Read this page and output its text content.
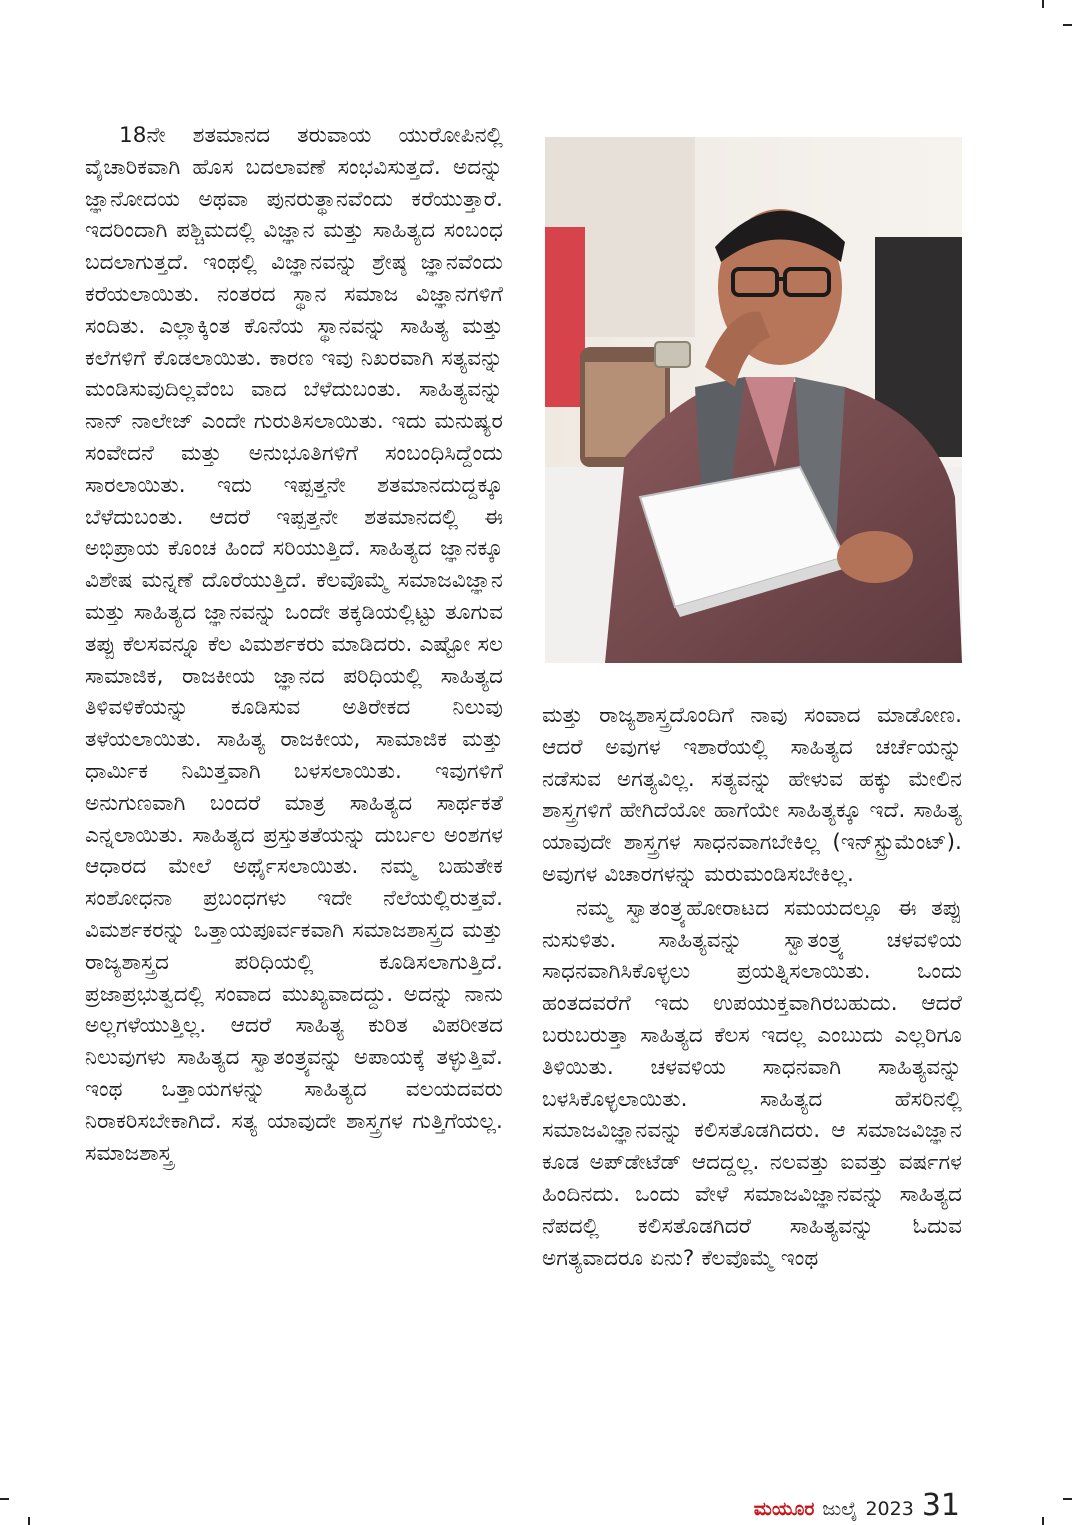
18ನೇ ಶತಮಾನದ ತರುವಾಯ ಯುರೋಪಿನಲ್ಲಿ ವೈಚಾರಿಕವಾಗಿ ಹೊಸ ಬದಲಾವಣೆ ಸಂಭವಿಸುತ್ತದೆ. ಅದನ್ನು ಜ್ಞಾನೋದಯ ಅಥವಾ ಪುನರುತ್ಥಾನವೆಂದು ಕರೆಯುತ್ತಾರೆ. ಇದರಿಂದಾಗಿ ಪಶ್ಚಿಮದಲ್ಲಿ ವಿಜ್ಞಾನ ಮತ್ತು ಸಾಹಿತ್ಯದ ಸಂಬಂಧ ಬದಲಾಗುತ್ತದೆ. ಇಂಥಲ್ಲಿ ವಿಜ್ಞಾನವನ್ನು ಶ್ರೇಷ್ಠ ಜ್ಞಾನವೆಂದು ಕರೆಯಲಾಯಿತು. ನಂತರದ ಸ್ಥಾನ ಸಮಾಜ ವಿಜ್ಞಾನಗಳಿಗೆ ಸಂದಿತು. ಎಲ್ಲಾಕ್ಕಿಂತ ಕೊನೆಯ ಸ್ಥಾನವನ್ನು ಸಾಹಿತ್ಯ ಮತ್ತು ಕಲೆಗಳಿಗೆ ಕೊಡಲಾಯಿತು. ಕಾರಣ ಇವು ನಿಖರವಾಗಿ ಸತ್ಯವನ್ನು ಮಂಡಿಸುವುದಿಲ್ಲವೆಂಬ ವಾದ ಬೆಳೆದುಬಂತು. ಸಾಹಿತ್ಯವನ್ನು ನಾನ್ ನಾಲೇಜ್ ಎಂದೇ ಗುರುತಿಸಲಾಯಿತು. ಇದು ಮನುಷ್ಯರ ಸಂವೇದನೆ ಮತ್ತು ಅನುಭೂತಿಗಳಿಗೆ ಸಂಬಂಧಿಸಿದ್ದೆಂದು ಸಾರಲಾಯಿತು. ಇದು ಇಪ್ಪತ್ತನೇ ಶತಮಾನದುದ್ದಕ್ಕೂ ಬೆಳೆದುಬಂತು. ಆದರೆ ಇಪ್ಪತ್ತನೇ ಶತಮಾನದಲ್ಲಿ ಈ ಅಭಿಪ್ರಾಯ ಕೊಂಚ ಹಿಂದೆ ಸರಿಯುತ್ತಿದೆ. ಸಾಹಿತ್ಯದ ಜ್ಞಾನಕ್ಕೂ ವಿಶೇಷ ಮನ್ನಣೆ ದೊರೆಯುತ್ತಿದೆ. ಕೆಲವೊಮ್ಮೆ ಸಮಾಜವಿಜ್ಞಾನ ಮತ್ತು ಸಾಹಿತ್ಯದ ಜ್ಞಾನವನ್ನು ಒಂದೇ ತಕ್ಕಡಿಯಲ್ಲಿಟ್ಟು ತೂಗುವ ತಪ್ಪು ಕೆಲಸವನ್ನೂ ಕೆಲ ವಿಮರ್ಶಕರು ಮಾಡಿದರು. ಎಷ್ಟೋ ಸಲ ಸಾಮಾಜಿಕ, ರಾಜಕೀಯ ಜ್ಞಾನದ ಪರಿಧಿಯಲ್ಲಿ ಸಾಹಿತ್ಯದ ತಿಳಿವಳಿಕೆಯನ್ನು ಕೂಡಿಸುವ ಅತಿರೇಕದ ನಿಲುವು ತಳೆಯಲಾಯಿತು. ಸಾಹಿತ್ಯ ರಾಜಕೀಯ, ಸಾಮಾಜಿಕ ಮತ್ತು ಧಾರ್ಮಿಕ ನಿಮಿತ್ತವಾಗಿ ಬಳಸಲಾಯಿತು. ಇವುಗಳಿಗೆ ಅನುಗುಣವಾಗಿ ಬಂದರೆ ಮಾತ್ರ ಸಾಹಿತ್ಯದ ಸಾರ್ಥಕತೆ ಎನ್ನಲಾಯಿತು. ಸಾಹಿತ್ಯದ ಪ್ರಸ್ತುತತೆಯನ್ನು ದುರ್ಬಲ ಅಂಶಗಳ ಆಧಾರದ ಮೇಲೆ ಅರ್ಥೈಸಲಾಯಿತು. ನಮ್ಮ ಬಹುತೇಕ ಸಂಶೋಧನಾ ಪ್ರಬಂಧಗಳು ಇದೇ ನೆಲೆಯಲ್ಲಿರುತ್ತವೆ. ವಿಮರ್ಶಕರನ್ನು ಒತ್ತಾಯಪೂರ್ವಕವಾಗಿ ಸಮಾಜಶಾಸ್ತ್ರದ ಮತ್ತು ರಾಜ್ಯಶಾಸ್ತ್ರದ ಪರಿಧಿಯಲ್ಲಿ ಕೂಡಿಸಲಾಗುತ್ತಿದೆ. ಪ್ರಜಾಪ್ರಭುತ್ವದಲ್ಲಿ ಸಂವಾದ ಮುಖ್ಯವಾದದ್ದು. ಅದನ್ನು ನಾನು ಅಲ್ಲಗಳೆಯುತ್ತಿಲ್ಲ. ಆದರೆ ಸಾಹಿತ್ಯ ಕುರಿತ ವಿಪರೀತದ ನಿಲುವುಗಳು ಸಾಹಿತ್ಯದ ಸ್ವಾತಂತ್ರ್ಯವನ್ನು ಅಪಾಯಕ್ಕೆ ತಳ್ಳುತ್ತಿವೆ. ಇಂಥ ಒತ್ತಾಯಗಳನ್ನು ಸಾಹಿತ್ಯದ ವಲಯದವರು ನಿರಾಕರಿಸಬೇಕಾಗಿದೆ. ಸತ್ಯ ಯಾವುದೇ ಶಾಸ್ತ್ರಗಳ ಗುತ್ತಿಗೆಯಲ್ಲ. ಸಮಾಜಶಾಸ್ತ್ರ

ಮತ್ತು ರಾಜ್ಯಶಾಸ್ತ್ರದೊಂದಿಗೆ ನಾವು ಸಂವಾದ ಮಾಡೋಣ. ಆದರೆ ಅವುಗಳ ಇಶಾರೆಯಲ್ಲಿ ಸಾಹಿತ್ಯದ ಚರ್ಚೆಯನ್ನು ನಡೆಸುವ ಅಗತ್ಯವಿಲ್ಲ. ಸತ್ಯವನ್ನು ಹೇಳುವ ಹಕ್ಕು ಮೇಲಿನ ಶಾಸ್ತ್ರಗಳಿಗೆ ಹೇಗಿದೆಯೋ ಹಾಗೆಯೇ ಸಾಹಿತ್ಯಕ್ಕೂ ಇದೆ. ಸಾಹಿತ್ಯ ಯಾವುದೇ ಶಾಸ್ತ್ರಗಳ ಸಾಧನವಾಗಬೇಕಿಲ್ಲ (ಇನ್‌ಸ್ಟ್ರುಮೆಂಟ್). ಅವುಗಳ ವಿಚಾರಗಳನ್ನು ಮರುಮಂಡಿಸಬೇಕಿಲ್ಲ.

ನಮ್ಮ ಸ್ವಾತಂತ್ರ್ಯಹೋರಾಟದ ಸಮಯದಲ್ಲೂ ಈ ತಪ್ಪು ನುಸುಳಿತು. ಸಾಹಿತ್ಯವನ್ನು ಸ್ವಾತಂತ್ರ್ಯ ಚಳವಳಿಯ ಸಾಧನವಾಗಿಸಿಕೊಳ್ಳಲು ಪ್ರಯತ್ನಿಸಲಾಯಿತು. ಒಂದು ಹಂತದವರೆಗೆ ಇದು ಉಪಯುಕ್ತವಾಗಿರಬಹುದು. ಆದರೆ ಬರುಬರುತ್ತಾ ಸಾಹಿತ್ಯದ ಕೆಲಸ ಇದಲ್ಲ ಎಂಬುದು ಎಲ್ಲರಿಗೂ ತಿಳಿಯಿತು. ಚಳವಳಿಯ ಸಾಧನವಾಗಿ ಸಾಹಿತ್ಯವನ್ನು ಬಳಸಿಕೊಳ್ಳಲಾಯಿತು. ಸಾಹಿತ್ಯದ ಹೆಸರಿನಲ್ಲಿ ಸಮಾಜವಿಜ್ಞಾನವನ್ನು ಕಲಿಸತೊಡಗಿದರು. ಆ ಸಮಾಜವಿಜ್ಞಾನ ಕೂಡ ಅಪ್‌ಡೇಟೆಡ್ ಆದದ್ದಲ್ಲ. ನಲವತ್ತು ಐವತ್ತು ವರ್ಷಗಳ ಹಿಂದಿನದು. ಒಂದು ವೇಳೆ ಸಮಾಜವಿಜ್ಞಾನವನ್ನು ಸಾಹಿತ್ಯದ ನೆಪದಲ್ಲಿ ಕಲಿಸತೊಡಗಿದರೆ ಸಾಹಿತ್ಯವನ್ನು ಓದುವ ಅಗತ್ಯವಾದರೂ ಏನು? ಕೆಲವೊಮ್ಮೆ ಇಂಥ

ಮಯೂರ ಜುಲೈ 2023 31
